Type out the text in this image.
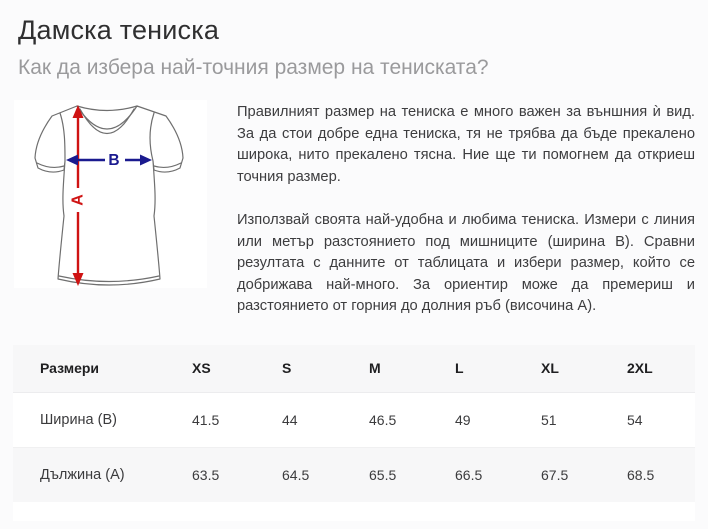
Дамска тениска
Как да избера най-точния размер на тениската?
A
B

Правилният размер на тениска е много важен за външния ѝ вид. За да стои добре една тениска, тя не трябва да бъде прекалено широка, нито прекалено тясна. Ние ще ти помогнем да откриеш точния размер.

Използвай своята най-удобна и любима тениска. Измери с линия или метър разстоянието под мишниците (ширина B). Сравни резултата с данните от таблицата и избери размер, който се добрижава най-много. За ориентир може да премериш и разстоянието от горния до долния ръб (височина A).

Размери	XS	S	M	L	XL	2XL
Ширина (B)	41.5	44	46.5	49	51	54
Дължина (A)	63.5	64.5	65.5	66.5	67.5	68.5
